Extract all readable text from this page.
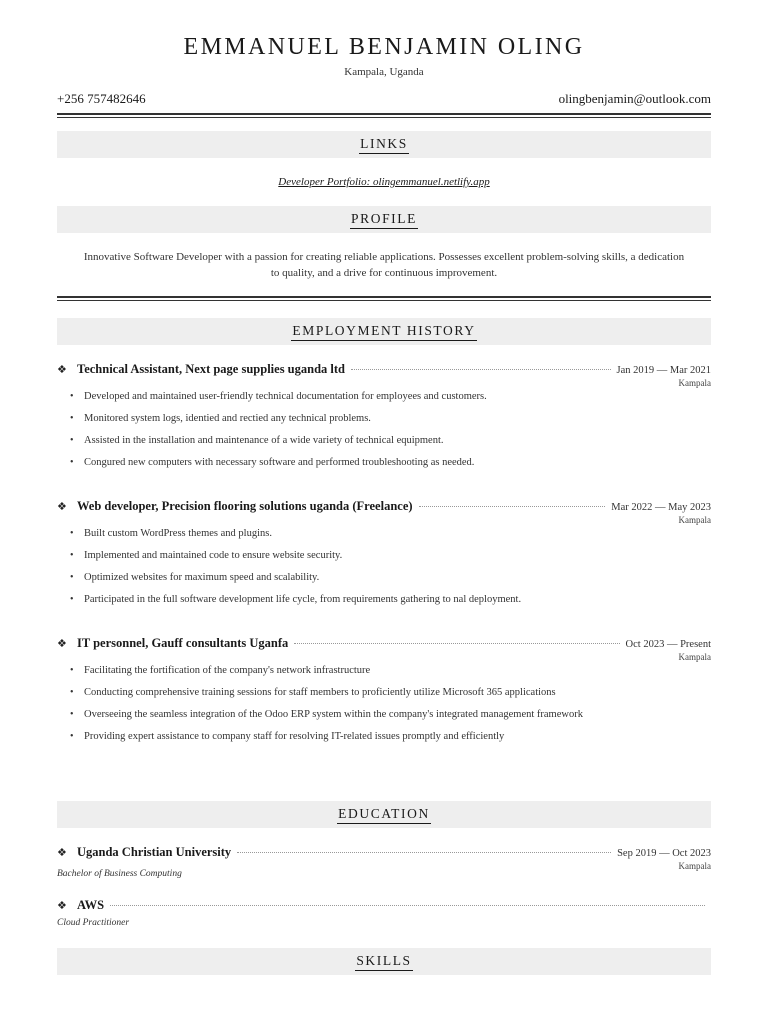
EMMANUEL BENJAMIN OLING
Kampala, Uganda
+256 757482646	olingbenjamin@outlook.com
LINKS
Developer Portfolio: olingemmanuel.netlify.app
PROFILE
Innovative Software Developer with a passion for creating reliable applications. Possesses excellent problem-solving skills, a dedication to quality, and a drive for continuous improvement.
EMPLOYMENT HISTORY
❖ Technical Assistant, Next page supplies uganda ltd	Jan 2019 — Mar 2021
Kampala
• Developed and maintained user-friendly technical documentation for employees and customers.
• Monitored system logs, identied and rectied any technical problems.
• Assisted in the installation and maintenance of a wide variety of technical equipment.
• Congured new computers with necessary software and performed troubleshooting as needed.
❖ Web developer, Precision flooring solutions uganda (Freelance)	Mar 2022 — May 2023
Kampala
• Built custom WordPress themes and plugins.
• Implemented and maintained code to ensure website security.
• Optimized websites for maximum speed and scalability.
• Participated in the full software development life cycle, from requirements gathering to nal deployment.
❖ IT personnel, Gauff consultants Uganfa	Oct 2023 — Present
Kampala
• Facilitating the fortification of the company's network infrastructure
• Conducting comprehensive training sessions for staff members to proficiently utilize Microsoft 365 applications
• Overseeing the seamless integration of the Odoo ERP system within the company's integrated management framework
• Providing expert assistance to company staff for resolving IT-related issues promptly and efficiently
EDUCATION
❖ Uganda Christian University	Sep 2019 — Oct 2023
Kampala
Bachelor of Business Computing
❖ AWS
Cloud Practitioner
SKILLS
